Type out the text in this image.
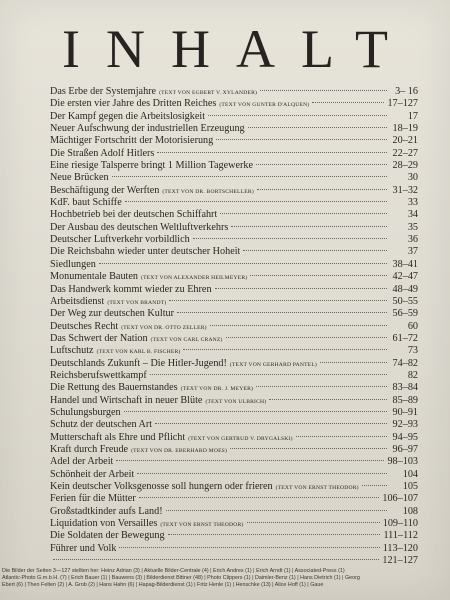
INHALT
Das Erbe der Systemjahre (TEXT VON EGBERT V. XYLANDER)	3– 16
Die ersten vier Jahre des Dritten Reiches (TEXT VON GUNTER D'ALQUEN)	17–127
Der Kampf gegen die Arbeitslosigkeit	17
Neuer Aufschwung der industriellen Erzeugung	18–19
Mächtiger Fortschritt der Motorisierung	20–21
Die Straßen Adolf Hitlers	22–27
Eine riesige Talsperre bringt 1 Million Tagewerke	28–29
Neue Brücken	30
Beschäftigung der Werften (TEXT VON DR. BORTSCHELLER)	31–32
KdF. baut Schiffe	33
Hochbetrieb bei der deutschen Schiffahrt	34
Der Ausbau des deutschen Weltluftverkehrs	35
Deutscher Luftverkehr vorbildlich	36
Die Reichsbahn wieder unter deutscher Hoheit	37
Siedlungen	38–41
Monumentale Bauten (TEXT VON ALEXANDER HEILMEYER)	42–47
Das Handwerk kommt wieder zu Ehren	48–49
Arbeitsdienst (TEXT VON BRANDT)	50–55
Der Weg zur deutschen Kultur	56–59
Deutsches Recht (TEXT VON DR. OTTO ZELLER)	60
Das Schwert der Nation (TEXT VON CARL CRANZ)	61–72
Luftschutz (TEXT VON KARL B. FISCHER)	73
Deutschlands Zukunft – Die Hitler-Jugend! (TEXT VON GERHARD PANTEL)	74–82
Reichsberufswettkampf	82
Die Rettung des Bauernstandes (TEXT VON DR. J. MEYER)	83–84
Handel und Wirtschaft in neuer Blüte (TEXT VON ULBRICH)	85–89
Schulungsburgen	90–91
Schutz der deutschen Art	92–93
Mutterschaft als Ehre und Pflicht (TEXT VON GERTRUD V. DRYGALSKI)	94–95
Kraft durch Freude (TEXT VON DR. EBERHARD MOES)	96–97
Adel der Arbeit	98–103
Schönheit der Arbeit	104
Kein deutscher Volksgenosse soll hungern oder frieren (TEXT VON ERNST THEODOR)	105
Ferien für die Mütter	106–107
Großstadtkinder aufs Land!	108
Liquidation von Versailles (TEXT VON ERNST THEODOR)	109–110
Die Soldaten der Bewegung	111–112
Führer und Volk	113–120
121–127
Die Bilder der Seiten 3—127 stellten her: Heinz Adrian (3) | Aktuelle Bilder-Centrale (4) | Erich Andres (1) | Erich Arndt (1) | Associated-Press (1)
Atlantic-Photo G.m.b.H. (7) | Erich Bauer (1) | Bauwens (3) | Bilderdienst Bittner (48) | Photo Clippers (1) | Daimler-Benz (1) | Hans Dietrich (1) | Georg
Ebert (6) | Theo Felten (2) | A. Grob (2) | Hans Hahn (6) | Hapag-Bilderdienst (1) | Fritz Henle (1) | Henschke (13) | Alice Hoff (1) | Gaue
